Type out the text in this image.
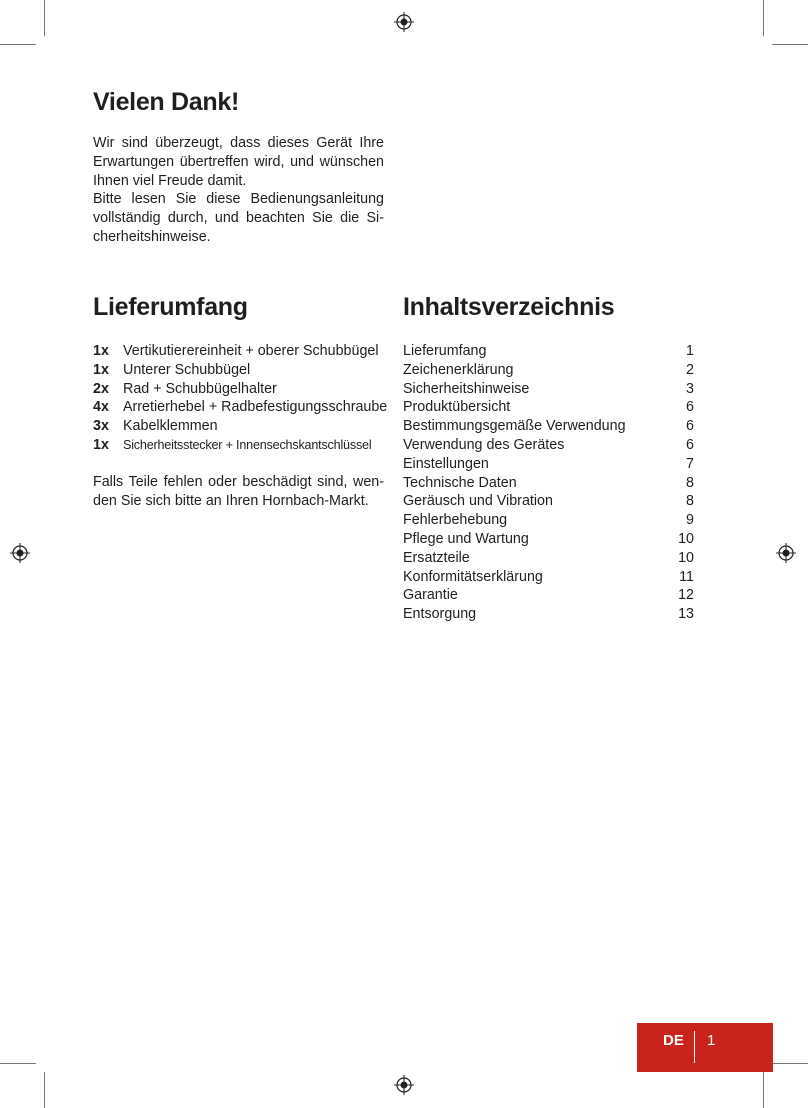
Vielen Dank!

Wir sind überzeugt, dass dieses Gerät Ihre Erwartungen übertreffen wird, und wünschen Ihnen viel Freude damit.

Bitte lesen Sie diese Bedienungsanleitung vollständig durch, und beachten Sie die Si-cherheitshinweise.

Lieferumfang
1x Vertikutierereinheit + oberer Schubbügel
1x Unterer Schubbügel
2x Rad + Schubbügelhalter
4x Arretierhebel + Radbefestigungsschraube
3x Kabelklemmen
1x	Sicherheitsstecker + Innensechskantschlüssel

Falls Teile fehlen oder beschädigt sind, wen-den Sie sich bitte an Ihren Hornbach-Markt.

Inhaltsverzeichnis
Lieferumfang	1
Zeichenerklärung	2
Sicherheitshinweise	3
Produktübersicht	6
Bestimmungsgemäße Verwendung	6
Verwendung des Gerätes	6
Einstellungen	7
Technische Daten	8
Geräusch und Vibration	8
Fehlerbehebung	9
Pflege und Wartung	10
Ersatzteile	10
Konformitätserklärung	11
Garantie	12
Entsorgung	13
DE 1
